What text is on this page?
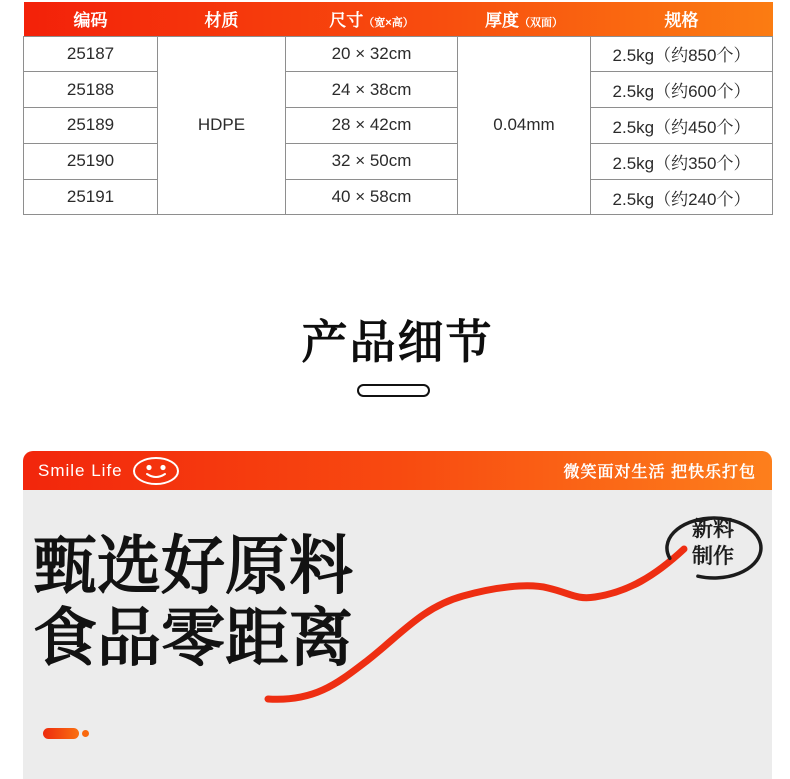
编码	材质	尺寸（宽×高）	厚度（双面）	规格
25187	HDPE	20 × 32cm	0.04mm	2.5kg（约850个）
25188		24 × 38cm		2.5kg（约600个）
25189		28 × 42cm		2.5kg（约450个）
25190		32 × 50cm		2.5kg（约350个）
25191		40 × 58cm		2.5kg（约240个）
产品细节
Smile Life	微笑面对生活 把快乐打包
甄选好原料
食品零距离
新料
制作
